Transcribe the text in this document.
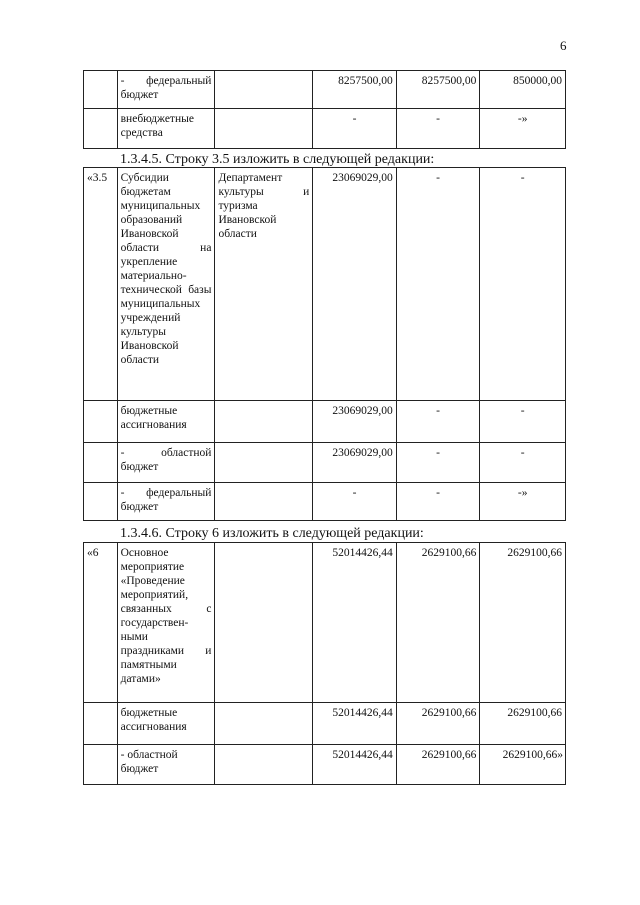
6
	- федеральный бюджет		8257500,00	8257500,00	850000,00
	внебюджетные средства		-	-	-»
1.3.4.5. Строку 3.5 изложить в следующей редакции:
«3.5	Субсидии бюджетам муниципальных образований Ивановской области на укрепление материально-технической базы муниципальных учреждений культуры Ивановской области	Департамент культуры и туризма Ивановской области	23069029,00	-	-
	бюджетные ассигнования		23069029,00	-	-
	- областной бюджет		23069029,00	-	-
	- федеральный бюджет		-	-	-»
1.3.4.6. Строку 6 изложить в следующей редакции:
«6	Основное мероприятие «Проведение мероприятий, связанных с государствен-ными праздниками и памятными датами»		52014426,44	2629100,66	2629100,66
	бюджетные ассигнования		52014426,44	2629100,66	2629100,66
	- областной бюджет		52014426,44	2629100,66	2629100,66»
